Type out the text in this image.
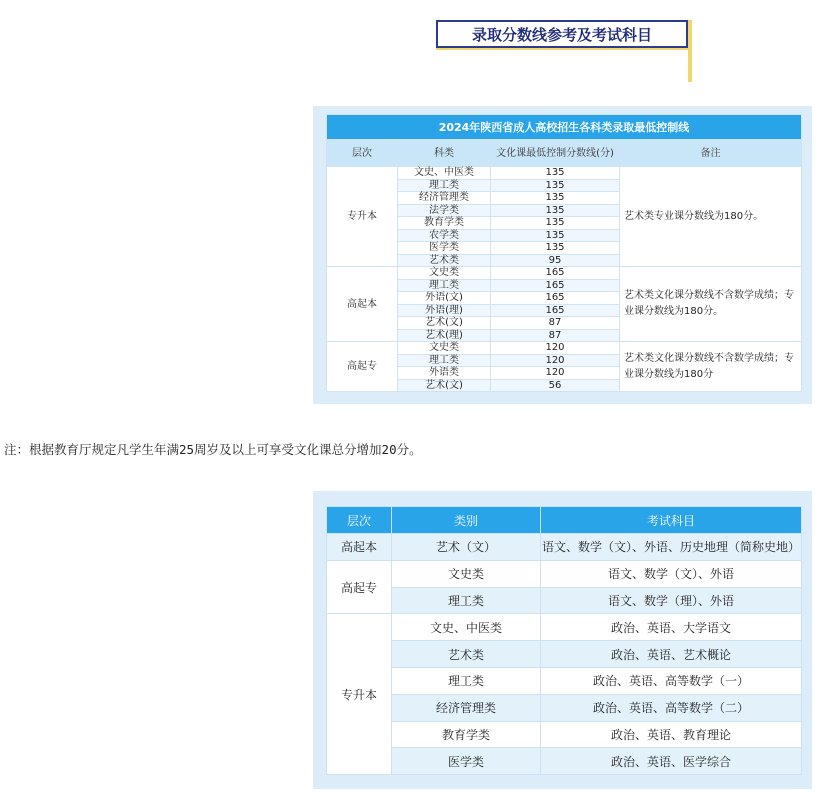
录取分数线参考及考试科目
2024年陕西省成人高校招生各科类录取最低控制线			
层次	科类	文化课最低控制分数线(分)	备注
专升本	文史、中医类	135	艺术类专业课分数线为180分。
	理工类	135	
	经济管理类	135	
	法学类	135	
	教育学类	135	
	农学类	135	
	医学类	135	
	艺术类	95	
高起本	文史类	165	艺术类文化课分数线不含数学成绩；专业课分数线为180分。
	理工类	165	
	外语(文)	165	
	外语(理)	165	
	艺术(文)	87	
	艺术(理)	87	
高起专	文史类	120	艺术类文化课分数线不含数学成绩；专业课分数线为180分
	理工类	120	
	外语类	120	
	艺术(文)	56	
注：根据教育厅规定凡学生年满25周岁及以上可享受文化课总分增加20分。
层次	类别	考试科目
高起本	艺术（文）	语文、数学（文）、外语、历史地理（简称史地）
高起专	文史类	语文、数学（文）、外语
	理工类	语文、数学（理）、外语
专升本	文史、中医类	政治、英语、大学语文
	艺术类	政治、英语、艺术概论
	理工类	政治、英语、高等数学（一）
	经济管理类	政治、英语、高等数学（二）
	教育学类	政治、英语、教育理论
	医学类	政治、英语、医学综合
